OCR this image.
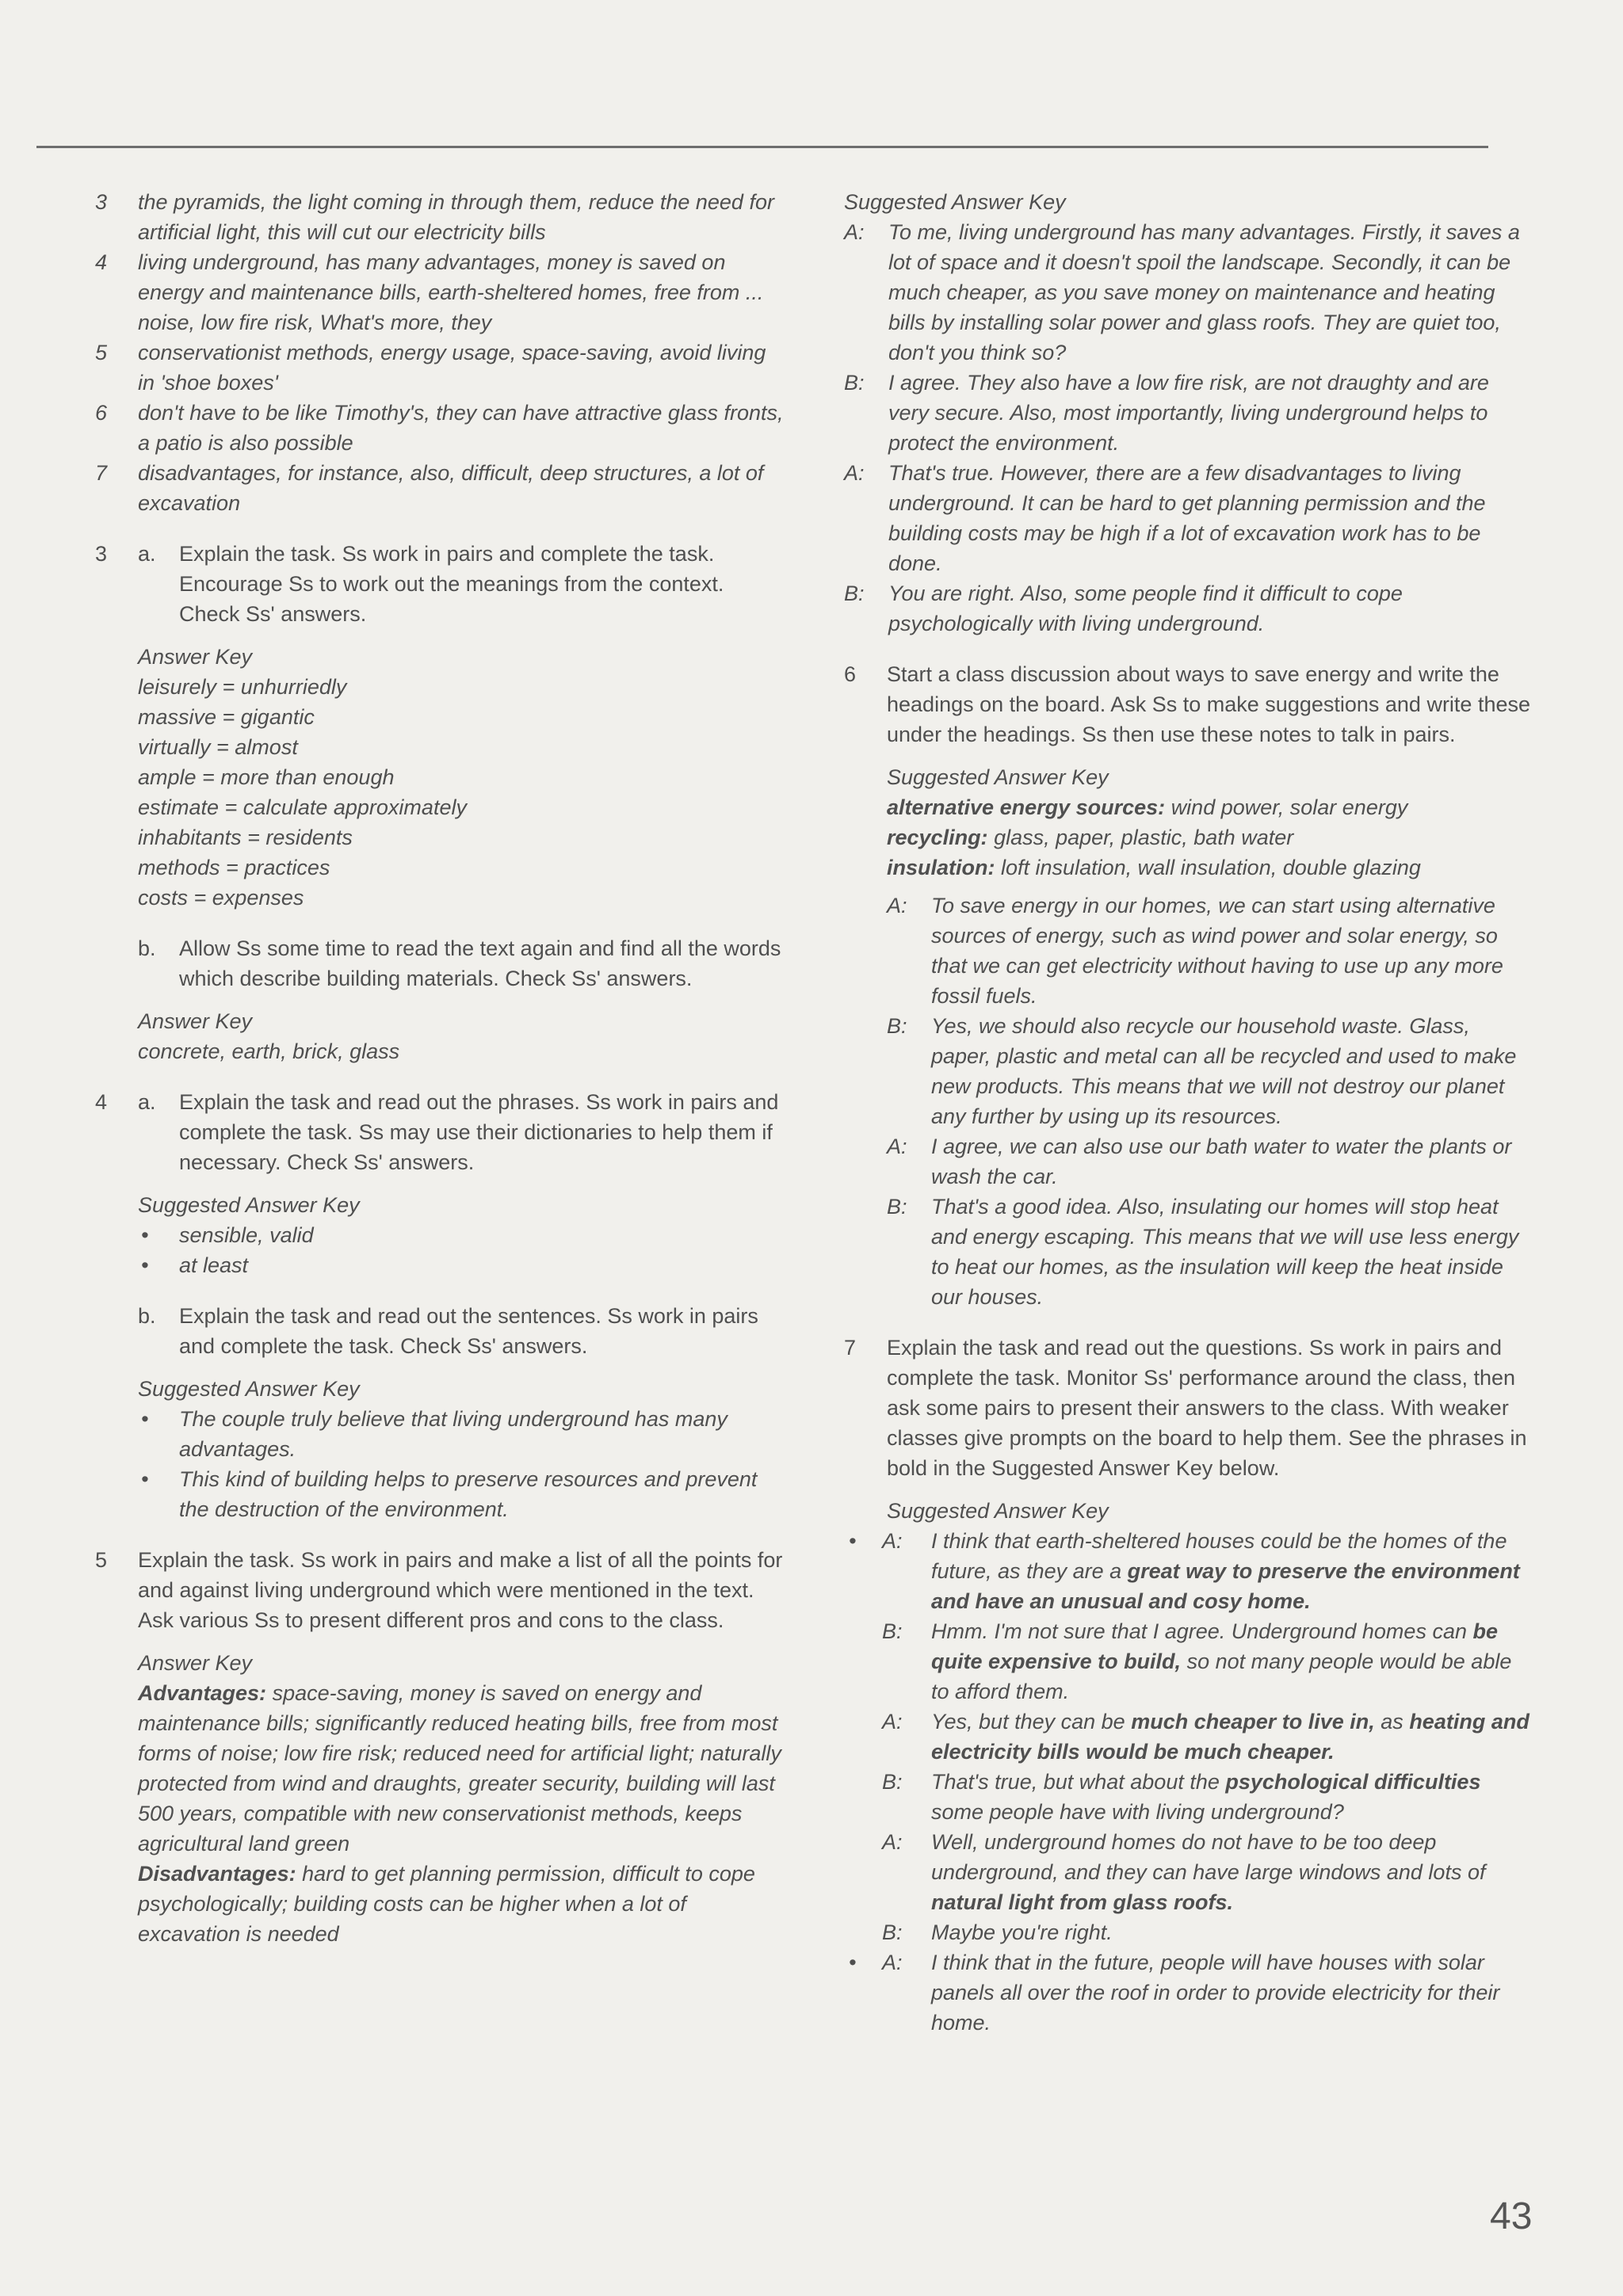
3 the pyramids, the light coming in through them, reduce the need for artificial light, this will cut our electricity bills
4 living underground, has many advantages, money is saved on energy and maintenance bills, earth-sheltered homes, free from ... noise, low fire risk, What's more, they
5 conservationist methods, energy usage, space-saving, avoid living in 'shoe boxes'
6 don't have to be like Timothy's, they can have attractive glass fronts, a patio is also possible
7 disadvantages, for instance, also, difficult, deep structures, a lot of excavation
3 a. Explain the task. Ss work in pairs and complete the task. Encourage Ss to work out the meanings from the context. Check Ss' answers.
Answer Key
leisurely = unhurriedly
massive = gigantic
virtually = almost
ample = more than enough
estimate = calculate approximately
inhabitants = residents
methods = practices
costs = expenses
b. Allow Ss some time to read the text again and find all the words which describe building materials. Check Ss' answers.
Answer Key
concrete, earth, brick, glass
4 a. Explain the task and read out the phrases. Ss work in pairs and complete the task. Ss may use their dictionaries to help them if necessary. Check Ss' answers.
Suggested Answer Key
• sensible, valid
• at least
b. Explain the task and read out the sentences. Ss work in pairs and complete the task. Check Ss' answers.
Suggested Answer Key
• The couple truly believe that living underground has many advantages.
• This kind of building helps to preserve resources and prevent the destruction of the environment.
5 Explain the task. Ss work in pairs and make a list of all the points for and against living underground which were mentioned in the text. Ask various Ss to present different pros and cons to the class.
Answer Key
Advantages: space-saving, money is saved on energy and maintenance bills; significantly reduced heating bills, free from most forms of noise; low fire risk; reduced need for artificial light; naturally protected from wind and draughts, greater security, building will last 500 years, compatible with new conservationist methods, keeps agricultural land green
Disadvantages: hard to get planning permission, difficult to cope psychologically; building costs can be higher when a lot of excavation is needed
Suggested Answer Key
A: To me, living underground has many advantages. Firstly, it saves a lot of space and it doesn't spoil the landscape. Secondly, it can be much cheaper, as you save money on maintenance and heating bills by installing solar power and glass roofs. They are quiet too, don't you think so?
B: I agree. They also have a low fire risk, are not draughty and are very secure. Also, most importantly, living underground helps to protect the environment.
A: That's true. However, there are a few disadvantages to living underground. It can be hard to get planning permission and the building costs may be high if a lot of excavation work has to be done.
B: You are right. Also, some people find it difficult to cope psychologically with living underground.
6 Start a class discussion about ways to save energy and write the headings on the board. Ask Ss to make suggestions and write these under the headings. Ss then use these notes to talk in pairs.
Suggested Answer Key
alternative energy sources: wind power, solar energy
recycling: glass, paper, plastic, bath water
insulation: loft insulation, wall insulation, double glazing
A: To save energy in our homes, we can start using alternative sources of energy, such as wind power and solar energy, so that we can get electricity without having to use up any more fossil fuels.
B: Yes, we should also recycle our household waste. Glass, paper, plastic and metal can all be recycled and used to make new products. This means that we will not destroy our planet any further by using up its resources.
A: I agree, we can also use our bath water to water the plants or wash the car.
B: That's a good idea. Also, insulating our homes will stop heat and energy escaping. This means that we will use less energy to heat our homes, as the insulation will keep the heat inside our houses.
7 Explain the task and read out the questions. Ss work in pairs and complete the task. Monitor Ss' performance around the class, then ask some pairs to present their answers to the class. With weaker classes give prompts on the board to help them. See the phrases in bold in the Suggested Answer Key below.
Suggested Answer Key
• A: I think that earth-sheltered houses could be the homes of the future, as they are a great way to preserve the environment and have an unusual and cosy home.
B: Hmm. I'm not sure that I agree. Underground homes can be quite expensive to build, so not many people would be able to afford them.
A: Yes, but they can be much cheaper to live in, as heating and electricity bills would be much cheaper.
B: That's true, but what about the psychological difficulties some people have with living underground?
A: Well, underground homes do not have to be too deep underground, and they can have large windows and lots of natural light from glass roofs.
B: Maybe you're right.
• A: I think that in the future, people will have houses with solar panels all over the roof in order to provide electricity for their home.
43
